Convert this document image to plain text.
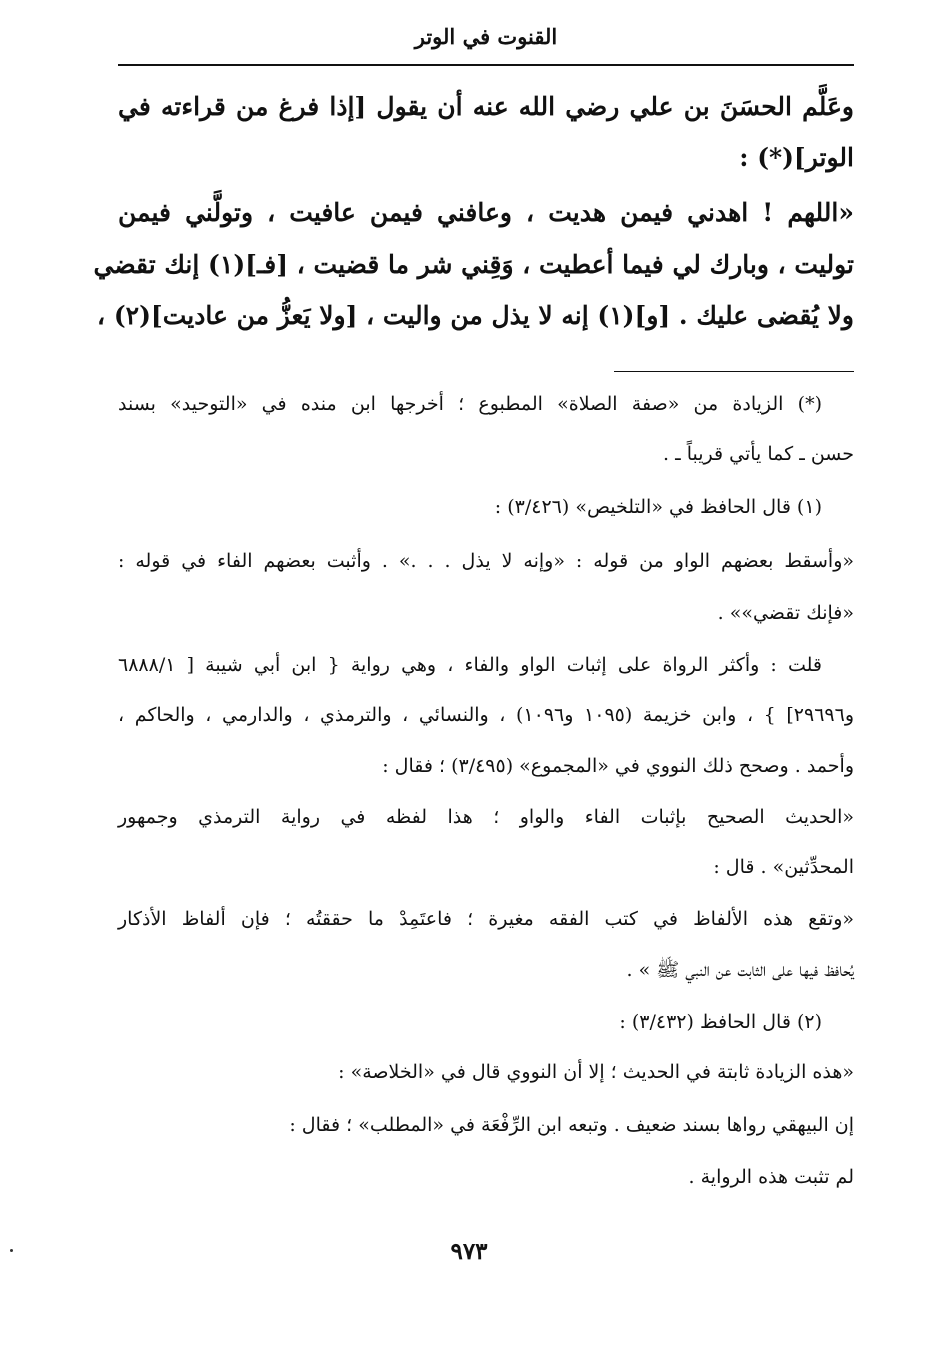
القنوت في الوتر
وعَلَّم الحسَنَ بن علي رضي الله عنه أن يقول [إذا فرغ من قراءته في
الوتر](*) :
«اللهم ! اهدني فيمن هديت ، وعافني فيمن عافيت ، وتولَّني فيمن
توليت ، وبارك لي فيما أعطيت ، وَقِني شر ما قضيت ، [فـ](١) إنك تقضي
ولا يُقضى عليك . [و](١) إنه لا يذل من واليت ، [ولا يَعزُّ من عاديت](٢) ،
(*) الزيادة من «صفة الصلاة» المطبوع ؛ أخرجها ابن منده في «التوحيد» بسند
حسن ـ كما يأتي قريباً ـ .
(١) قال الحافظ في «التلخيص» (٣/٤٢٦) :
«وأسقط بعضهم الواو من قوله : «وإنه لا يذل . . .» . وأثبت بعضهم الفاء في قوله :
«فإنك تقضي»» .
قلت : وأكثر الرواة على إثبات الواو والفاء ، وهي رواية { ابن أبي شيبة [ ٦٨٨٨/١
و٢٩٦٩٦] } ، وابن خزيمة (١٠٩٥ و١٠٩٦) ، والنسائي ، والترمذي ، والدارمي ، والحاكم ،
وأحمد . وصحح ذلك النووي في «المجموع» (٣/٤٩٥) ؛ فقال :
«الحديث الصحيح بإثبات الفاء والواو ؛ هذا لفظه في رواية الترمذي وجمهور
المحدِّثين» . قال :
«وتقع هذه الألفاظ في كتب الفقه مغيرة ؛ فاعتَمِدْ ما حققتُه ؛ فإن ألفاظ الأذكار
يُحافظ فيها على الثابت عن النبي ﷺ » .
(٢) قال الحافظ (٣/٤٣٢) :
«هذه الزيادة ثابتة في الحديث ؛ إلا أن النووي قال في «الخلاصة» :
إن البيهقي رواها بسند ضعيف . وتبعه ابن الرِّفْعَة في «المطلب» ؛ فقال :
لم تثبت هذه الرواية .
٩٧٣
